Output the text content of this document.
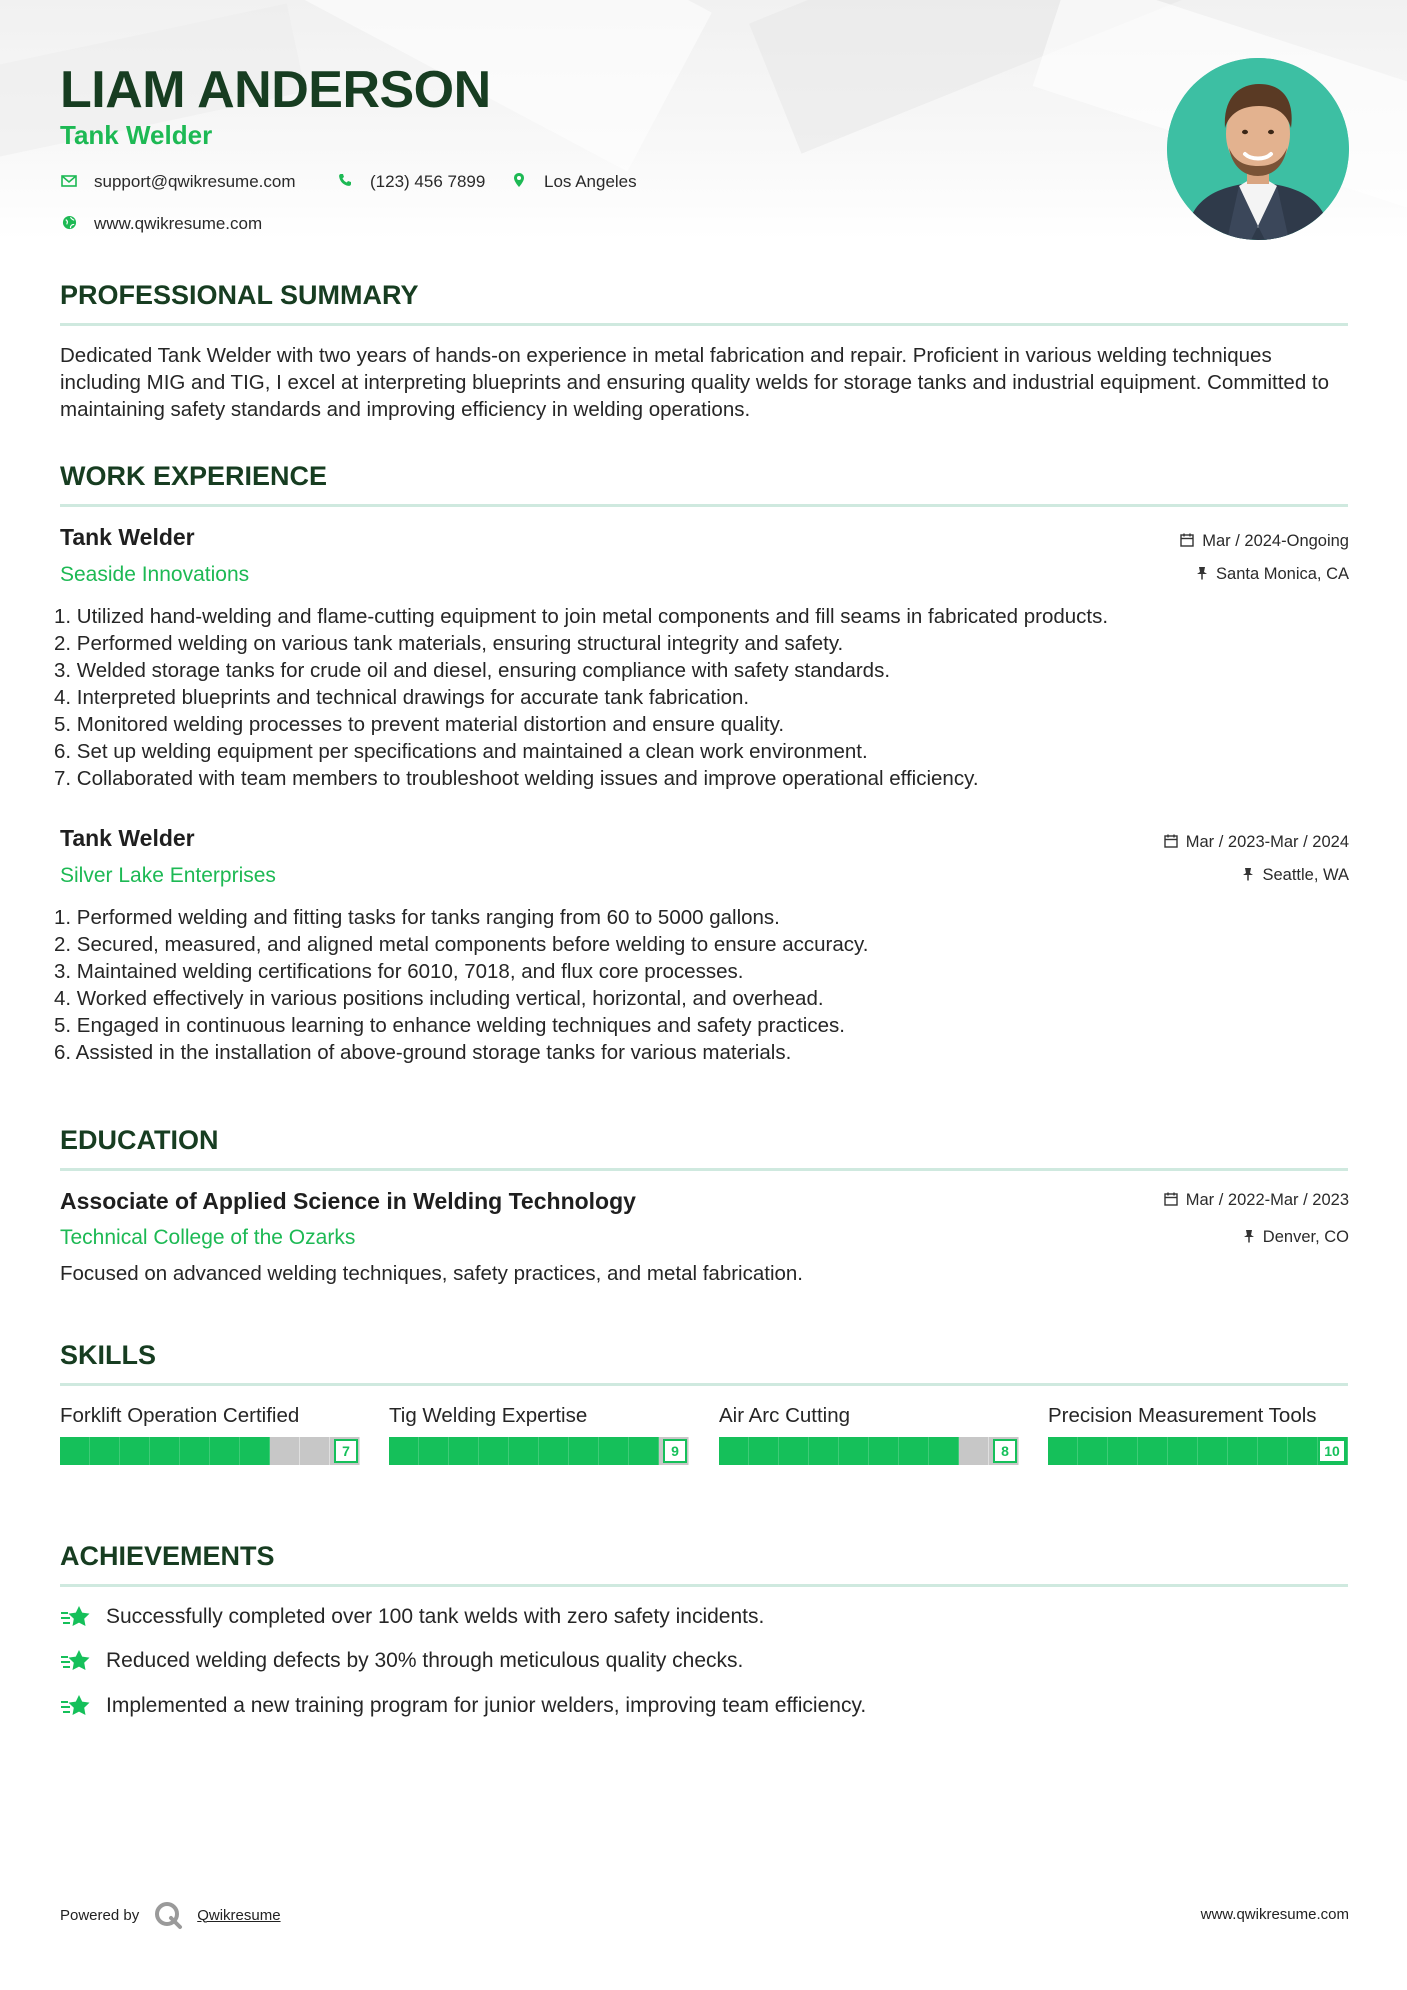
LIAM ANDERSON
Tank Welder
support@qwikresume.com	(123) 456 7899	Los Angeles
www.qwikresume.com
PROFESSIONAL SUMMARY

Dedicated Tank Welder with two years of hands-on experience in metal fabrication and repair. Proficient in various welding techniques including MIG and TIG, I excel at interpreting blueprints and ensuring quality welds for storage tanks and industrial equipment. Committed to maintaining safety standards and improving efficiency in welding operations.

WORK EXPERIENCE
Tank Welder
Seaside Innovations
Mar / 2024-Ongoing
Santa Monica, CA
1. Utilized hand-welding and flame-cutting equipment to join metal components and fill seams in fabricated products.
2. Performed welding on various tank materials, ensuring structural integrity and safety.
3. Welded storage tanks for crude oil and diesel, ensuring compliance with safety standards.
4. Interpreted blueprints and technical drawings for accurate tank fabrication.
5. Monitored welding processes to prevent material distortion and ensure quality.
6. Set up welding equipment per specifications and maintained a clean work environment.
7. Collaborated with team members to troubleshoot welding issues and improve operational efficiency.
Tank Welder
Silver Lake Enterprises
Mar / 2023-Mar / 2024
Seattle, WA
1. Performed welding and fitting tasks for tanks ranging from 60 to 5000 gallons.
2. Secured, measured, and aligned metal components before welding to ensure accuracy.
3. Maintained welding certifications for 6010, 7018, and flux core processes.
4. Worked effectively in various positions including vertical, horizontal, and overhead.
5. Engaged in continuous learning to enhance welding techniques and safety practices.
6. Assisted in the installation of above-ground storage tanks for various materials.
EDUCATION
Associate of Applied Science in Welding Technology
Technical College of the Ozarks
Mar / 2022-Mar / 2023
Denver, CO

Focused on advanced welding techniques, safety practices, and metal fabrication.

SKILLS

Forklift Operation Certified

7

Tig Welding Expertise

9

Air Arc Cutting

8

Precision Measurement Tools

10
ACHIEVEMENTS
Successfully completed over 100 tank welds with zero safety incidents.
Reduced welding defects by 30% through meticulous quality checks.
Implemented a new training program for junior welders, improving team efficiency.
Powered by	Qwikresume	www.qwikresume.com
